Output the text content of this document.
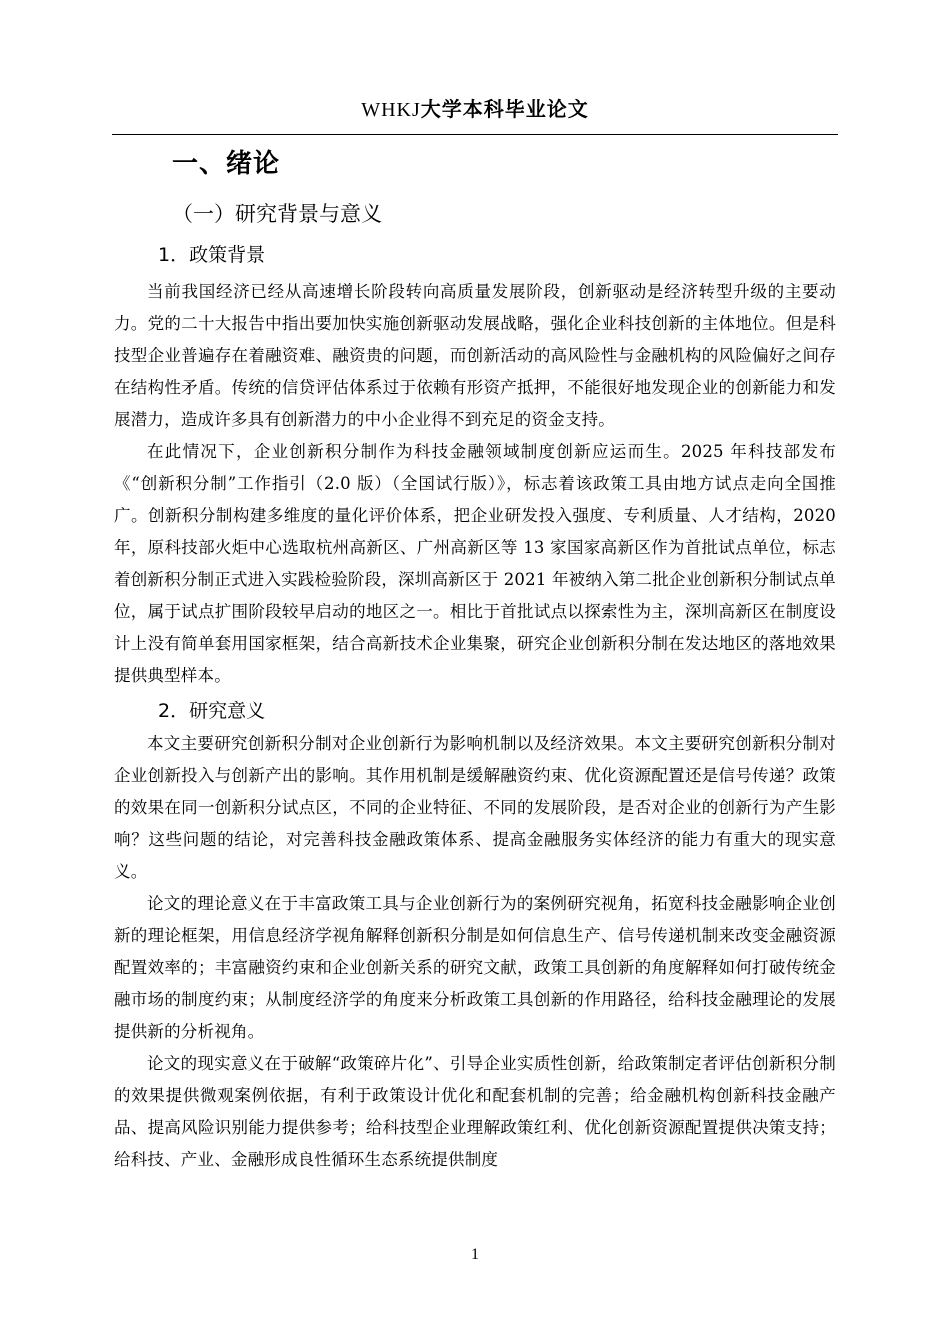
WHKJ大学本科毕业论文
一、绪论
（一）研究背景与意义
1．政策背景

当前我国经济已经从高速增长阶段转向高质量发展阶段，创新驱动是经济转型升级的主要动力。党的二十大报告中指出要加快实施创新驱动发展战略，强化企业科技创新的主体地位。但是科技型企业普遍存在着融资难、融资贵的问题，而创新活动的高风险性与金融机构的风险偏好之间存在结构性矛盾。传统的信贷评估体系过于依赖有形资产抵押，不能很好地发现企业的创新能力和发展潜力，造成许多具有创新潜力的中小企业得不到充足的资金支持。

在此情况下，企业创新积分制作为科技金融领域制度创新应运而生。2025 年科技部发布《“创新积分制”工作指引（2.0 版）（全国试行版）》，标志着该政策工具由地方试点走向全国推广。创新积分制构建多维度的量化评价体系，把企业研发投入强度、专利质量、人才结构，2020 年，原科技部火炬中心选取杭州高新区、广州高新区等 13 家国家高新区作为首批试点单位，标志着创新积分制正式进入实践检验阶段，深圳高新区于 2021 年被纳入第二批企业创新积分制试点单位，属于试点扩围阶段较早启动的地区之一。相比于首批试点以探索性为主，深圳高新区在制度设计上没有简单套用国家框架，结合高新技术企业集聚，研究企业创新积分制在发达地区的落地效果提供典型样本。

2．研究意义

本文主要研究创新积分制对企业创新行为影响机制以及经济效果。本文主要研究创新积分制对企业创新投入与创新产出的影响。其作用机制是缓解融资约束、优化资源配置还是信号传递？政策的效果在同一创新积分试点区，不同的企业特征、不同的发展阶段，是否对企业的创新行为产生影响？这些问题的结论，对完善科技金融政策体系、提高金融服务实体经济的能力有重大的现实意义。

论文的理论意义在于丰富政策工具与企业创新行为的案例研究视角，拓宽科技金融影响企业创新的理论框架，用信息经济学视角解释创新积分制是如何信息生产、信号传递机制来改变金融资源配置效率的；丰富融资约束和企业创新关系的研究文献，政策工具创新的角度解释如何打破传统金融市场的制度约束；从制度经济学的角度来分析政策工具创新的作用路径，给科技金融理论的发展提供新的分析视角。

论文的现实意义在于破解“政策碎片化”、引导企业实质性创新，给政策制定者评估创新积分制的效果提供微观案例依据，有利于政策设计优化和配套机制的完善；给金融机构创新科技金融产品、提高风险识别能力提供参考；给科技型企业理解政策红利、优化创新资源配置提供决策支持；给科技、产业、金融形成良性循环生态系统提供制度

1
